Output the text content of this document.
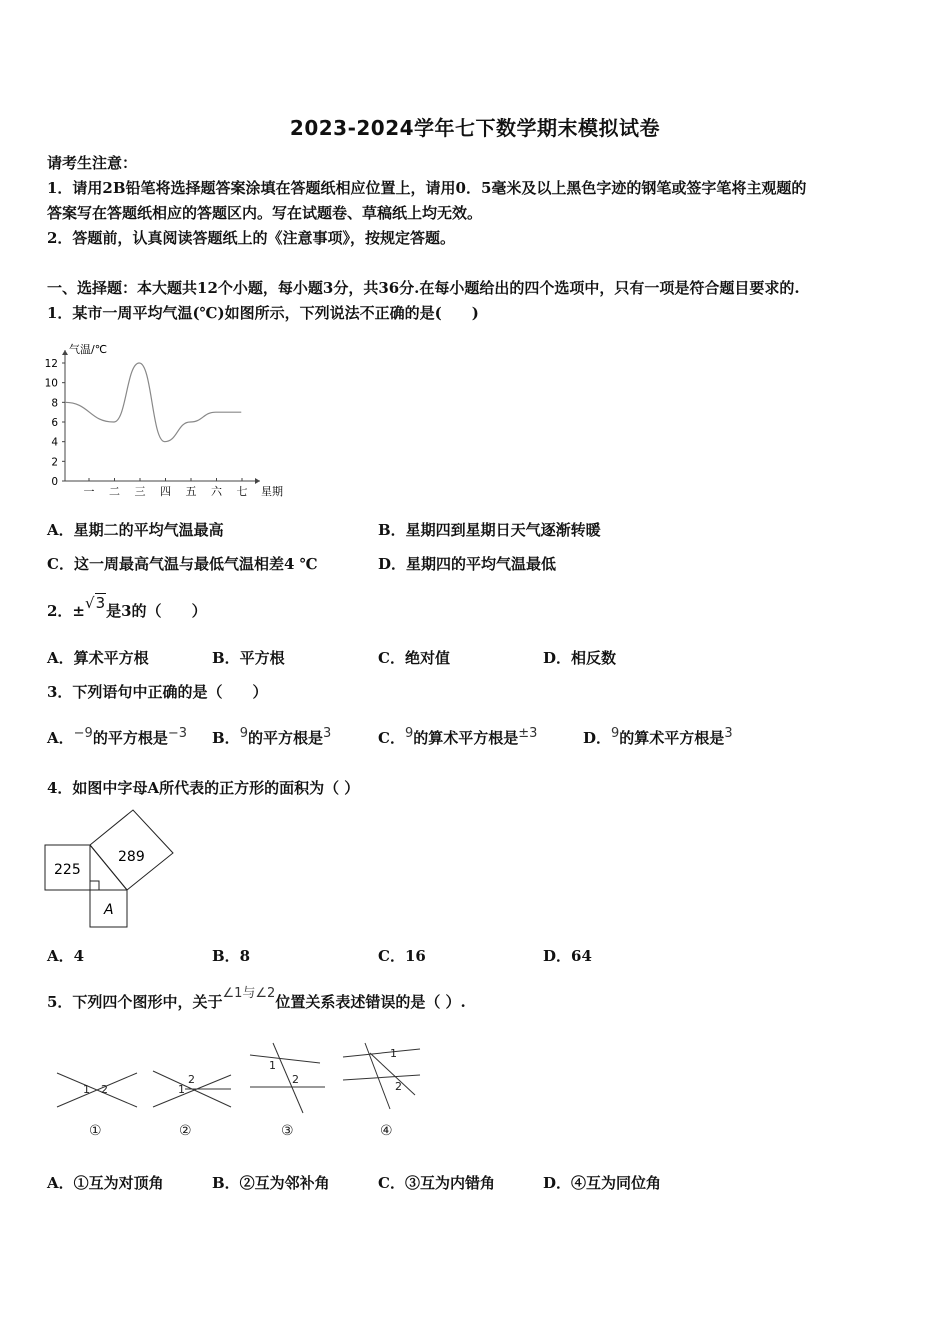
2023-2024学年七下数学期末模拟试卷
请考生注意：
1．请用2B铅笔将选择题答案涂填在答题纸相应位置上，请用0．5毫米及以上黑色字迹的钢笔或签字笔将主观题的
答案写在答题纸相应的答题区内。写在试题卷、草稿纸上均无效。
2．答题前，认真阅读答题纸上的《注意事项》，按规定答题。
一、选择题：本大题共12个小题，每小题3分，共36分.在每小题给出的四个选项中，只有一项是符合题目要求的.
1．某市一周平均气温(℃)如图所示，下列说法不正确的是(　　)
气温/℃
星期
0
2
4
6
8
10
12
一 二 三 四 五 六 七
A．星期二的平均气温最高	B．星期四到星期日天气逐渐转暖
C．这一周最高气温与最低气温相差4 ℃	D．星期四的平均气温最低
2．±√3是3的（　　）
A．算术平方根	B．平方根	C．绝对值	D．相反数
3．下列语句中正确的是（　　）
A．−9的平方根是−3 B．9的平方根是3	C．9的算术平方根是±3	D．9的算术平方根是3
4．如图中字母A所代表的正方形的面积为（ ）
225
289
A
A．4	B．8	C．16	D．64
5．下列四个图形中，关于∠1与∠2位置关系表述错误的是（ ）.
1 2
①
1
2
②
1
2
③
1
2
④
A．①互为对顶角	B．②互为邻补角	C．③互为内错角	D．④互为同位角
